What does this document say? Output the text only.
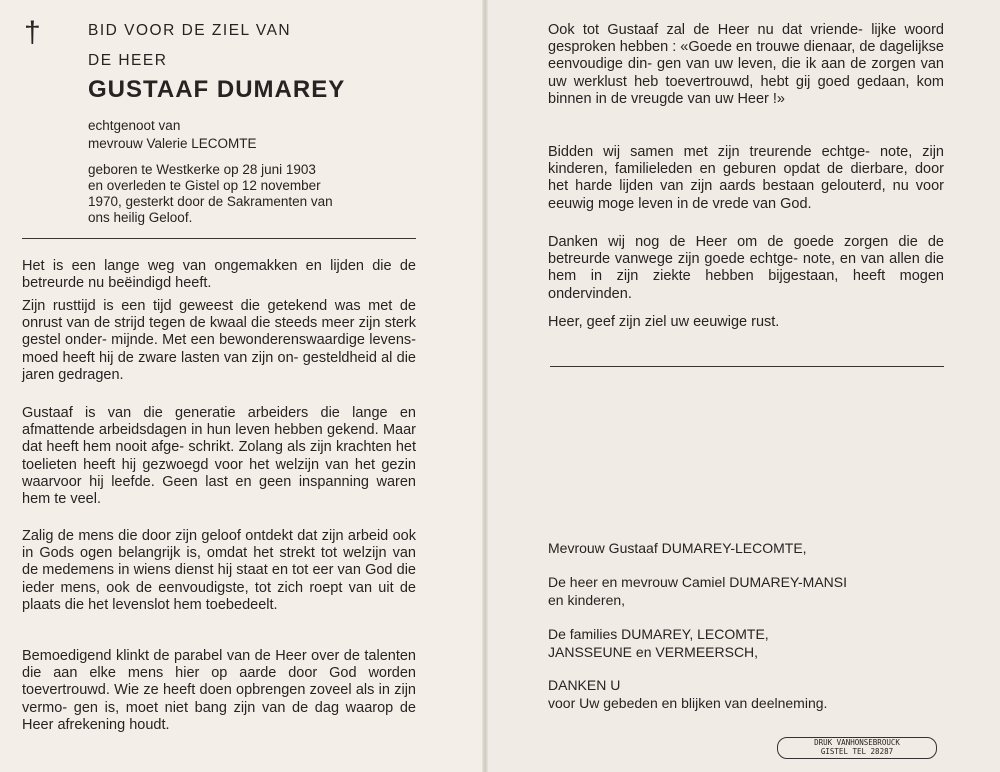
†	BID VOOR DE ZIEL VAN
DE HEER
GUSTAAF DUMAREY
echtgenoot van
mevrouw Valerie LECOMTE
geboren te Westkerke op 28 juni 1903
en overleden te Gistel op 12 november
1970, gesterkt door de Sakramenten van
ons heilig Geloof.

Het is een lange weg van ongemakken en lijden die de betreurde nu beëindigd heeft.

Zijn rusttijd is een tijd geweest die getekend was met de onrust van de strijd tegen de kwaal die steeds meer zijn sterk gestel onder- mijnde. Met een bewonderenswaardige levens- moed heeft hij de zware lasten van zijn on- gesteldheid al die jaren gedragen.

Gustaaf is van die generatie arbeiders die lange en afmattende arbeidsdagen in hun leven hebben gekend. Maar dat heeft hem nooit afge- schrikt. Zolang als zijn krachten het toelieten heeft hij gezwoegd voor het welzijn van het gezin waarvoor hij leefde. Geen last en geen inspanning waren hem te veel.

Zalig de mens die door zijn geloof ontdekt dat zijn arbeid ook in Gods ogen belangrijk is, omdat het strekt tot welzijn van de medemens in wiens dienst hij staat en tot eer van God die ieder mens, ook de eenvoudigste, tot zich roept van uit de plaats die het levenslot hem toebedeelt.

Bemoedigend klinkt de parabel van de Heer over de talenten die aan elke mens hier op aarde door God worden toevertrouwd. Wie ze heeft doen opbrengen zoveel als in zijn vermo- gen is, moet niet bang zijn van de dag waarop de Heer afrekening houdt.

Ook tot Gustaaf zal de Heer nu dat vriende- lijke woord gesproken hebben : «Goede en trouwe dienaar, de dagelijkse eenvoudige din- gen van uw leven, die ik aan de zorgen van uw werklust heb toevertrouwd, hebt gij goed gedaan, kom binnen in de vreugde van uw Heer !»

Bidden wij samen met zijn treurende echtge- note, zijn kinderen, familieleden en geburen opdat de dierbare, door het harde lijden van zijn aards bestaan gelouterd, nu voor eeuwig moge leven in de vrede van God.

Danken wij nog de Heer om de goede zorgen die de betreurde vanwege zijn goede echtge- note, en van allen die hem in zijn ziekte hebben bijgestaan, heeft mogen ondervinden.

Heer, geef zijn ziel uw eeuwige rust.

Mevrouw Gustaaf DUMAREY-LECOMTE,
De heer en mevrouw Camiel DUMAREY-MANSI
en kinderen,
De families DUMAREY, LECOMTE,
JANSSEUNE en VERMEERSCH,
DANKEN U
voor Uw gebeden en blijken van deelneming.
DRUK VANHONSEBROUCK
GISTEL TEL 28287
